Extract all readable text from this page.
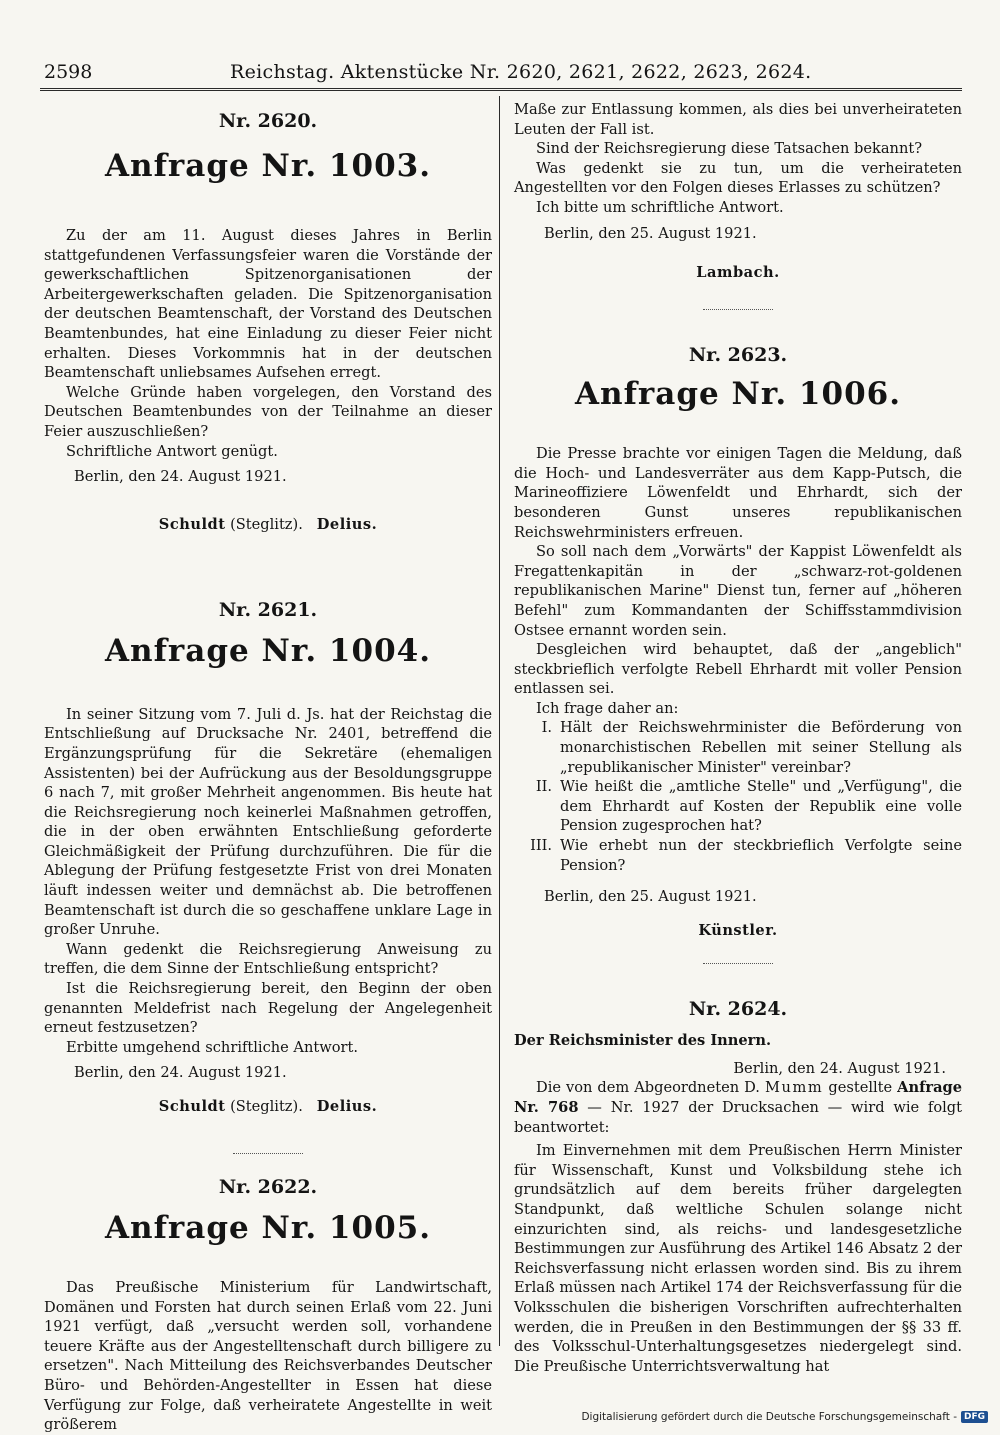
2598	Reichstag. Aktenstücke Nr. 2620, 2621, 2622, 2623, 2624.
Nr. 2620.
Anfrage Nr. 1003.

Zu der am 11. August dieses Jahres in Berlin stattgefundenen Verfassungsfeier waren die Vorstände der gewerkschaftlichen Spitzenorganisationen der Arbeitergewerkschaften geladen. Die Spitzenorganisation der deutschen Beamtenschaft, der Vorstand des Deutschen Beamtenbundes, hat eine Einladung zu dieser Feier nicht erhalten. Dieses Vorkommnis hat in der deutschen Beamtenschaft unliebsames Aufsehen erregt.

Welche Gründe haben vorgelegen, den Vorstand des Deutschen Beamtenbundes von der Teilnahme an dieser Feier auszuschließen?

Schriftliche Antwort genügt.

Berlin, den 24. August 1921.

Schuldt (Steglitz). Delius.
Nr. 2621.
Anfrage Nr. 1004.

In seiner Sitzung vom 7. Juli d. Js. hat der Reichstag die Entschließung auf Drucksache Nr. 2401, betreffend die Ergänzungsprüfung für die Sekretäre (ehemaligen Assistenten) bei der Aufrückung aus der Besoldungsgruppe 6 nach 7, mit großer Mehrheit angenommen. Bis heute hat die Reichsregierung noch keinerlei Maßnahmen getroffen, die in der oben erwähnten Entschließung geforderte Gleichmäßigkeit der Prüfung durchzuführen. Die für die Ablegung der Prüfung festgesetzte Frist von drei Monaten läuft indessen weiter und demnächst ab. Die betroffenen Beamtenschaft ist durch die so geschaffene unklare Lage in großer Unruhe.

Wann gedenkt die Reichsregierung Anweisung zu treffen, die dem Sinne der Entschließung entspricht?

Ist die Reichsregierung bereit, den Beginn der oben genannten Meldefrist nach Regelung der Angelegenheit erneut festzusetzen?

Erbitte umgehend schriftliche Antwort.

Berlin, den 24. August 1921.

Schuldt (Steglitz). Delius.
Nr. 2622.
Anfrage Nr. 1005.

Das Preußische Ministerium für Landwirtschaft, Domänen und Forsten hat durch seinen Erlaß vom 22. Juni 1921 verfügt, daß „versucht werden soll, vorhandene teuere Kräfte aus der Angestelltenschaft durch billigere zu ersetzen". Nach Mitteilung des Reichsverbandes Deutscher Büro- und Behörden-Angestellter in Essen hat diese Verfügung zur Folge, daß verheiratete Angestellte in weit größerem

Maße zur Entlassung kommen, als dies bei unverheirateten Leuten der Fall ist.

Sind der Reichsregierung diese Tatsachen bekannt?

Was gedenkt sie zu tun, um die verheirateten Angestellten vor den Folgen dieses Erlasses zu schützen?

Ich bitte um schriftliche Antwort.

Berlin, den 25. August 1921.

Lambach.
Nr. 2623.
Anfrage Nr. 1006.

Die Presse brachte vor einigen Tagen die Meldung, daß die Hoch- und Landesverräter aus dem Kapp-Putsch, die Marineoffiziere Löwenfeldt und Ehrhardt, sich der besonderen Gunst unseres republikanischen Reichswehrministers erfreuen.

So soll nach dem „Vorwärts" der Kappist Löwenfeldt als Fregattenkapitän in der „schwarz-rot-goldenen republikanischen Marine" Dienst tun, ferner auf „höheren Befehl" zum Kommandanten der Schiffsstammdivision Ostsee ernannt worden sein.

Desgleichen wird behauptet, daß der „angeblich" steckbrieflich verfolgte Rebell Ehrhardt mit voller Pension entlassen sei.

Ich frage daher an:

I. Hält der Reichswehrminister die Beförderung von monarchistischen Rebellen mit seiner Stellung als „republikanischer Minister" vereinbar?
II. Wie heißt die „amtliche Stelle" und „Verfügung", die dem Ehrhardt auf Kosten der Republik eine volle Pension zugesprochen hat?
III. Wie erhebt nun der steckbrieflich Verfolgte seine Pension?

Berlin, den 25. August 1921.

Künstler.
Nr. 2624.
Der Reichsminister des Innern.
Berlin, den 24. August 1921.

Die von dem Abgeordneten D. Mumm gestellte Anfrage Nr. 768 — Nr. 1927 der Drucksachen — wird wie folgt beantwortet:

Im Einvernehmen mit dem Preußischen Herrn Minister für Wissenschaft, Kunst und Volksbildung stehe ich grundsätzlich auf dem bereits früher dargelegten Standpunkt, daß weltliche Schulen solange nicht einzurichten sind, als reichs- und landesgesetzliche Bestimmungen zur Ausführung des Artikel 146 Absatz 2 der Reichsverfassung nicht erlassen worden sind. Bis zu ihrem Erlaß müssen nach Artikel 174 der Reichsverfassung für die Volksschulen die bisherigen Vorschriften aufrechterhalten werden, die in Preußen in den Bestimmungen der §§ 33 ff. des Volksschul-Unterhaltungsgesetzes niedergelegt sind. Die Preußische Unterrichtsverwaltung hat

Digitalisierung gefördert durch die Deutsche Forschungsgemeinschaft - DFG
